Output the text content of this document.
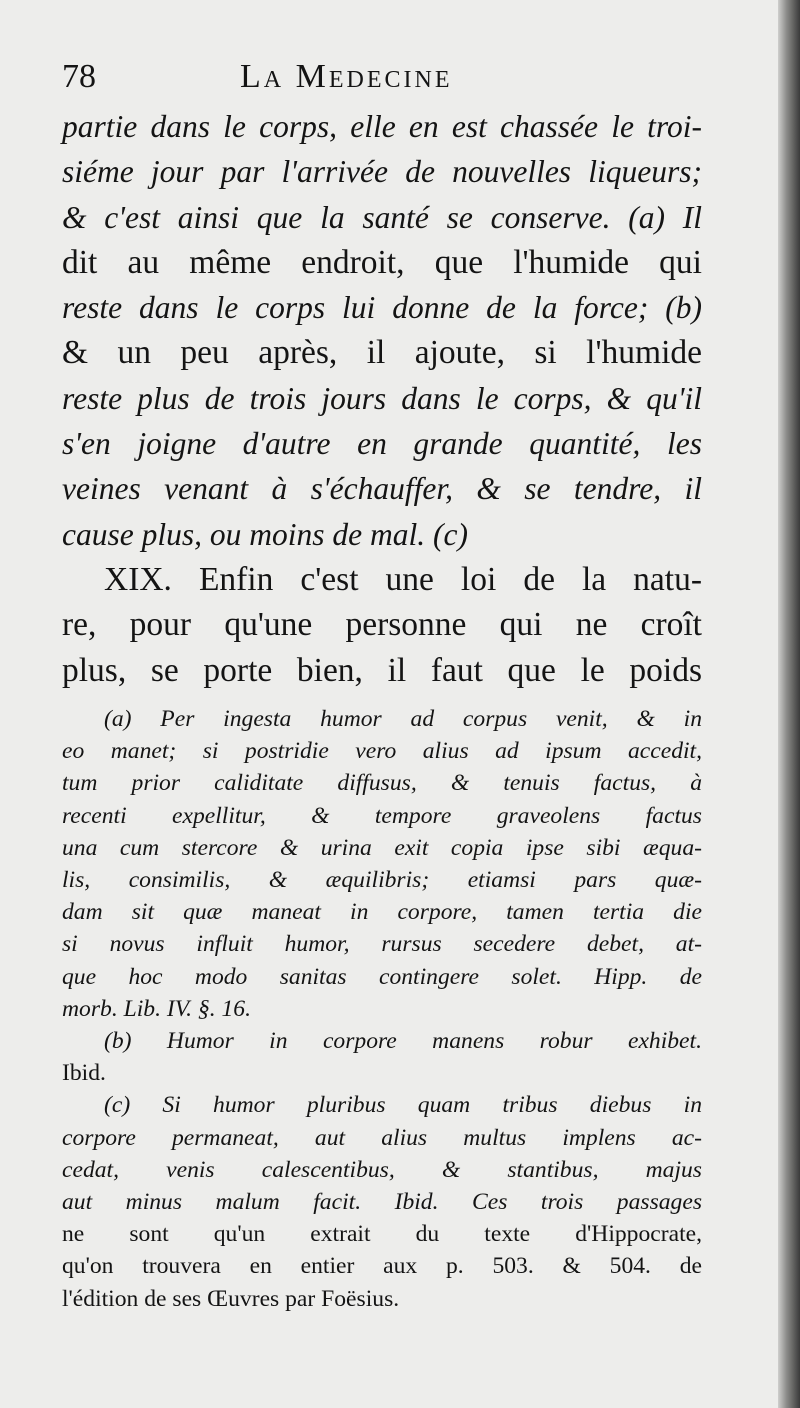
78	La Medecine
partie dans le corps, elle en est chassée le troi-
siéme jour par l'arrivée de nouvelles liqueurs;
& c'est ainsi que la santé se conserve. (a) Il
dit au même endroit, que l'humide qui
reste dans le corps lui donne de la force; (b)
& un peu après, il ajoute, si l'humide
reste plus de trois jours dans le corps, & qu'il
s'en joigne d'autre en grande quantité, les
veines venant à s'échauffer, & se tendre, il
cause plus, ou moins de mal. (c)
XIX. Enfin c'est une loi de la natu-
re, pour qu'une personne qui ne croît
plus, se porte bien, il faut que le poids
(a) Per ingesta humor ad corpus venit, & in
eo manet; si postridie vero alius ad ipsum accedit,
tum prior caliditate diffusus, & tenuis factus, à
recenti expellitur, & tempore graveolens factus
una cum stercore & urina exit copia ipse sibi æqua-
lis, consimilis, & æquilibris; etiamsi pars quæ-
dam sit quæ maneat in corpore, tamen tertia die
si novus influit humor, rursus secedere debet, at-
que hoc modo sanitas contingere solet. Hipp. de
morb. Lib. IV. §. 16.
(b) Humor in corpore manens robur exhibet.
Ibid.
(c) Si humor pluribus quam tribus diebus in
corpore permaneat, aut alius multus implens ac-
cedat, venis calescentibus, & stantibus, majus
aut minus malum facit. Ibid. Ces trois passages
ne sont qu'un extrait du texte d'Hippocrate,
qu'on trouvera en entier aux p. 503. & 504. de
l'édition de ses Œuvres par Foësius.
